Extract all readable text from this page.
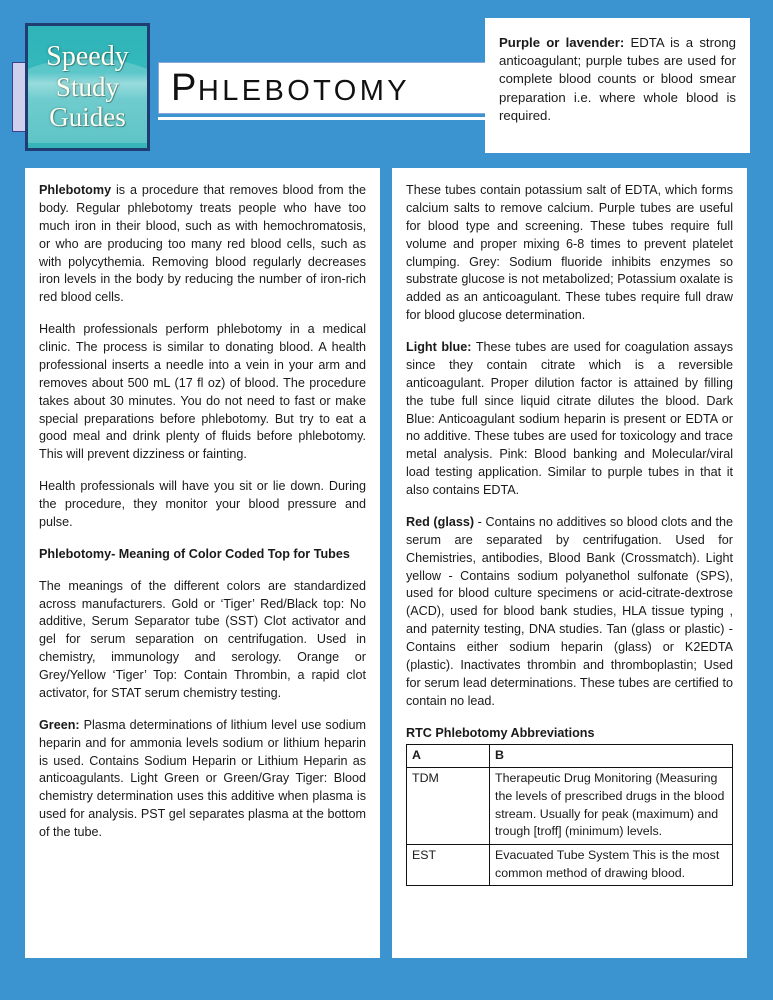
Speedy
Study
Guides
PHLEBOTOMY

Purple or lavender: EDTA is a strong anticoagulant; purple tubes are used for complete blood counts or blood smear preparation i.e. where whole blood is required.

Phlebotomy is a procedure that removes blood from the body. Regular phlebotomy treats people who have too much iron in their blood, such as with hemochromatosis, or who are producing too many red blood cells, such as with polycythemia. Removing blood regularly decreases iron levels in the body by reducing the number of iron-rich red blood cells.

Health professionals perform phlebotomy in a medical clinic. The process is similar to donating blood. A health professional inserts a needle into a vein in your arm and removes about 500 mL (17 fl oz) of blood. The procedure takes about 30 minutes. You do not need to fast or make special preparations before phlebotomy. But try to eat a good meal and drink plenty of fluids before phlebotomy. This will prevent dizziness or fainting.

Health professionals will have you sit or lie down. During the procedure, they monitor your blood pressure and pulse.

Phlebotomy- Meaning of Color Coded Top for Tubes

The meanings of the different colors are standardized across manufacturers. Gold or ‘Tiger’ Red/Black top: No additive, Serum Separator tube (SST) Clot activator and gel for serum separation on centrifugation. Used in chemistry, immunology and serology. Orange or Grey/Yellow ‘Tiger’ Top: Contain Thrombin, a rapid clot activator, for STAT serum chemistry testing.

Green: Plasma determinations of lithium level use sodium heparin and for ammonia levels sodium or lithium heparin is used. Contains Sodium Heparin or Lithium Heparin as anticoagulants. Light Green or Green/Gray Tiger: Blood chemistry determination uses this additive when plasma is used for analysis. PST gel separates plasma at the bottom of the tube.

These tubes contain potassium salt of EDTA, which forms calcium salts to remove calcium. Purple tubes are useful for blood type and screening. These tubes require full volume and proper mixing 6-8 times to prevent platelet clumping. Grey: Sodium fluoride inhibits enzymes so substrate glucose is not metabolized; Potassium oxalate is added as an anticoagulant. These tubes require full draw for blood glucose determination.

Light blue: These tubes are used for coagulation assays since they contain citrate which is a reversible anticoagulant. Proper dilution factor is attained by filling the tube full since liquid citrate dilutes the blood. Dark Blue: Anticoagulant sodium heparin is present or EDTA or no additive. These tubes are used for toxicology and trace metal analysis. Pink: Blood banking and Molecular/viral load testing application. Similar to purple tubes in that it also contains EDTA.

Red (glass) - Contains no additives so blood clots and the serum are separated by centrifugation. Used for Chemistries, antibodies, Blood Bank (Crossmatch). Light yellow - Contains sodium polyanethol sulfonate (SPS), used for blood culture specimens or acid-citrate-dextrose (ACD), used for blood bank studies, HLA tissue typing , and paternity testing, DNA studies. Tan (glass or plastic) - Contains either sodium heparin (glass) or K2EDTA (plastic). Inactivates thrombin and thromboplastin; Used for serum lead determinations. These tubes are certified to contain no lead.

RTC Phlebotomy Abbreviations
A	B
TDM	Therapeutic Drug Monitoring (Measuring the levels of prescribed drugs in the blood stream. Usually for peak (maximum) and trough [troff] (minimum) levels.
EST	Evacuated Tube System This is the most common method of drawing blood.
